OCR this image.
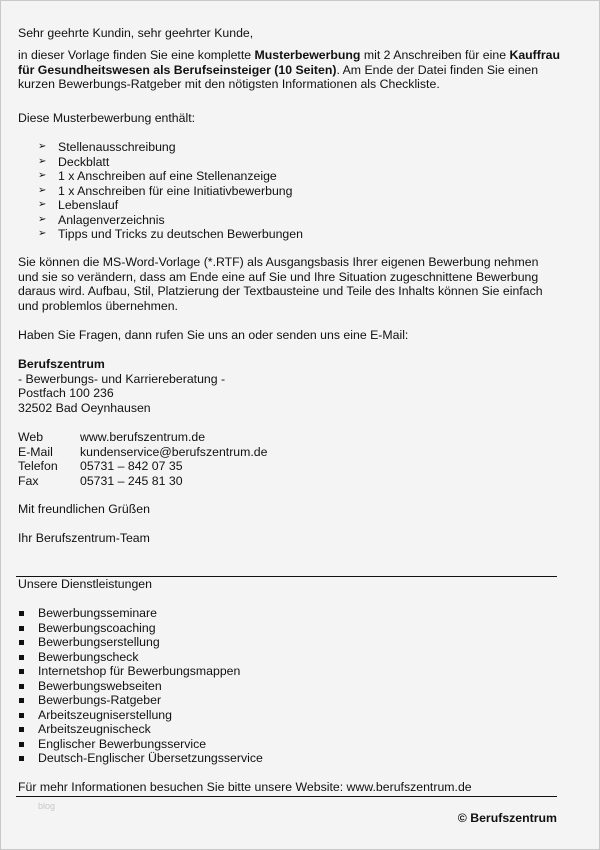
Sehr geehrte Kundin, sehr geehrter Kunde,

in dieser Vorlage finden Sie eine komplette Musterbewerbung mit 2 Anschreiben für eine Kauffrau für Gesundheitswesen als Berufseinsteiger (10 Seiten). Am Ende der Datei finden Sie einen kurzen Bewerbungs-Ratgeber mit den nötigsten Informationen als Checkliste.

Diese Musterbewerbung enthält:

➢ Stellenausschreibung
➢ Deckblatt
➢ 1 x Anschreiben auf eine Stellenanzeige
➢ 1 x Anschreiben für eine Initiativbewerbung
➢ Lebenslauf
➢ Anlagenverzeichnis
➢ Tipps und Tricks zu deutschen Bewerbungen

Sie können die MS-Word-Vorlage (*.RTF) als Ausgangsbasis Ihrer eigenen Bewerbung nehmen und sie so verändern, dass am Ende eine auf Sie und Ihre Situation zugeschnittene Bewerbung daraus wird. Aufbau, Stil, Platzierung der Textbausteine und Teile des Inhalts können Sie einfach und problemlos übernehmen.

Haben Sie Fragen, dann rufen Sie uns an oder senden uns eine E-Mail:

Berufszentrum

- Bewerbungs- und Karriereberatung -

Postfach 100 236

32502 Bad Oeynhausen

Web	www.berufszentrum.de

E-Mail kundenservice@berufszentrum.de

Telefon 05731 – 842 07 35

Fax	05731 – 245 81 30

Mit freundlichen Grüßen

Ihr Berufszentrum-Team

Unsere Dienstleistungen

Bewerbungsseminare
Bewerbungscoaching
Bewerbungserstellung
Bewerbungscheck
Internetshop für Bewerbungsmappen
Bewerbungswebseiten
Bewerbungs-Ratgeber
Arbeitszeugniserstellung
Arbeitszeugnischeck
Englischer Bewerbungsservice
Deutsch-Englischer Übersetzungsservice

Für mehr Informationen besuchen Sie bitte unsere Website: www.berufszentrum.de

blog
© Berufszentrum
